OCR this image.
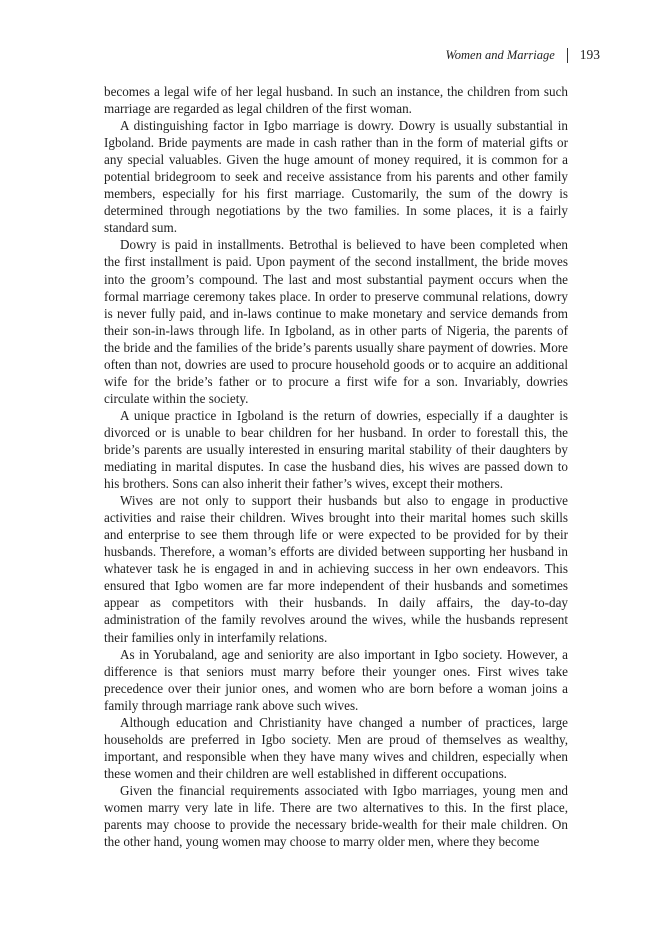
Women and Marriage 193

becomes a legal wife of her legal husband. In such an instance, the children from such marriage are regarded as legal children of the first woman.

A distinguishing factor in Igbo marriage is dowry. Dowry is usually substantial in Igboland. Bride payments are made in cash rather than in the form of material gifts or any special valuables. Given the huge amount of money required, it is common for a potential bridegroom to seek and receive assistance from his parents and other family members, especially for his first marriage. Customarily, the sum of the dowry is determined through negotiations by the two families. In some places, it is a fairly standard sum.

Dowry is paid in installments. Betrothal is believed to have been completed when the first installment is paid. Upon payment of the second installment, the bride moves into the groom’s compound. The last and most substantial payment occurs when the formal marriage ceremony takes place. In order to preserve communal relations, dowry is never fully paid, and in-laws continue to make monetary and service demands from their son-in-laws through life. In Igboland, as in other parts of Nigeria, the parents of the bride and the families of the bride’s parents usually share payment of dowries. More often than not, dowries are used to procure household goods or to acquire an additional wife for the bride’s father or to procure a first wife for a son. Invariably, dowries circulate within the society.

A unique practice in Igboland is the return of dowries, especially if a daughter is divorced or is unable to bear children for her husband. In order to forestall this, the bride’s parents are usually interested in ensuring marital stability of their daughters by mediating in marital disputes. In case the husband dies, his wives are passed down to his brothers. Sons can also inherit their father’s wives, except their mothers.

Wives are not only to support their husbands but also to engage in productive activities and raise their children. Wives brought into their marital homes such skills and enterprise to see them through life or were expected to be provided for by their husbands. Therefore, a woman’s efforts are divided between supporting her husband in whatever task he is engaged in and in achieving success in her own endeavors. This ensured that Igbo women are far more independent of their husbands and sometimes appear as competitors with their husbands. In daily affairs, the day-to-day administration of the family revolves around the wives, while the husbands represent their families only in interfamily relations.

As in Yorubaland, age and seniority are also important in Igbo society. However, a difference is that seniors must marry before their younger ones. First wives take precedence over their junior ones, and women who are born before a woman joins a family through marriage rank above such wives.

Although education and Christianity have changed a number of practices, large households are preferred in Igbo society. Men are proud of themselves as wealthy, important, and responsible when they have many wives and children, especially when these women and their children are well established in different occupations.

Given the financial requirements associated with Igbo marriages, young men and women marry very late in life. There are two alternatives to this. In the first place, parents may choose to provide the necessary bride-wealth for their male children. On the other hand, young women may choose to marry older men, where they become
